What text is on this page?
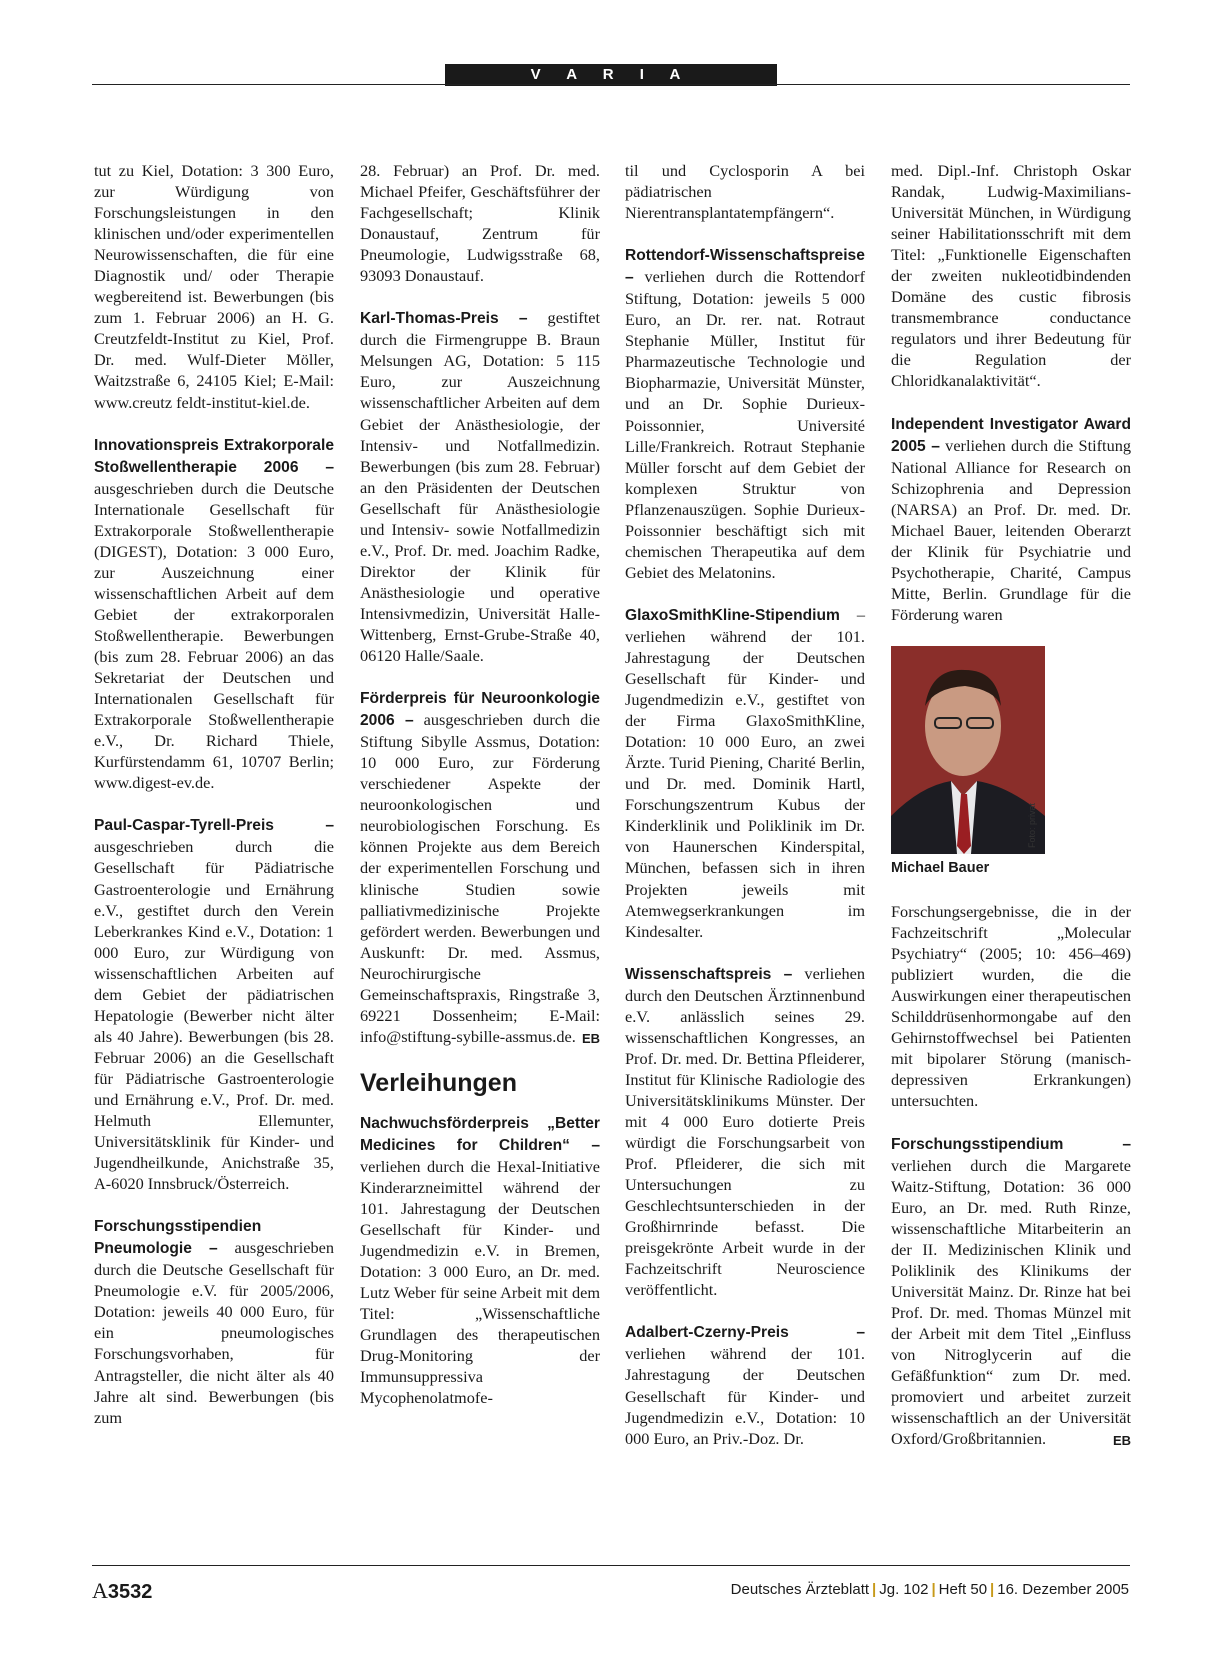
V A R I A

tut zu Kiel, Dotation: 3 300 Euro, zur Würdigung von Forschungsleistungen in den klinischen und/oder experimentellen Neurowissenschaften, die für eine Diagnostik und/ oder Therapie wegbereitend ist. Bewerbungen (bis zum 1. Februar 2006) an H. G. Creutzfeldt-Institut zu Kiel, Prof. Dr. med. Wulf-Dieter Möller, Waitzstraße 6, 24105 Kiel; E-Mail: www.creutz feldt-institut-kiel.de.

Innovationspreis Extrakorporale Stoßwellentherapie 2006 – ausgeschrieben durch die Deutsche Internationale Gesellschaft für Extrakorporale Stoßwellentherapie (DIGEST), Dotation: 3 000 Euro, zur Auszeichnung einer wissenschaftlichen Arbeit auf dem Gebiet der extrakorporalen Stoßwellentherapie. Bewerbungen (bis zum 28. Februar 2006) an das Sekretariat der Deutschen und Internationalen Gesellschaft für Extrakorporale Stoßwellentherapie e.V., Dr. Richard Thiele, Kurfürstendamm 61, 10707 Berlin; www.digest-ev.de.

Paul-Caspar-Tyrell-Preis – ausgeschrieben durch die Gesellschaft für Pädiatrische Gastroenterologie und Ernährung e.V., gestiftet durch den Verein Leberkrankes Kind e.V., Dotation: 1 000 Euro, zur Würdigung von wissenschaftlichen Arbeiten auf dem Gebiet der pädiatrischen Hepatologie (Bewerber nicht älter als 40 Jahre). Bewerbungen (bis 28. Februar 2006) an die Gesellschaft für Pädiatrische Gastroenterologie und Ernährung e.V., Prof. Dr. med. Helmuth Ellemunter, Universitätsklinik für Kinder- und Jugendheilkunde, Anichstraße 35, A-6020 Innsbruck/Österreich.

Forschungsstipendien Pneumologie – ausgeschrieben durch die Deutsche Gesellschaft für Pneumologie e.V. für 2005/2006, Dotation: jeweils 40 000 Euro, für ein pneumologisches Forschungsvorhaben, für Antragsteller, die nicht älter als 40 Jahre alt sind. Bewerbungen (bis zum

28. Februar) an Prof. Dr. med. Michael Pfeifer, Geschäftsführer der Fachgesellschaft; Klinik Donaustauf, Zentrum für Pneumologie, Ludwigsstraße 68, 93093 Donaustauf.

Karl-Thomas-Preis – gestiftet durch die Firmengruppe B. Braun Melsungen AG, Dotation: 5 115 Euro, zur Auszeichnung wissenschaftlicher Arbeiten auf dem Gebiet der Anästhesiologie, der Intensiv- und Notfallmedizin. Bewerbungen (bis zum 28. Februar) an den Präsidenten der Deutschen Gesellschaft für Anästhesiologie und Intensiv- sowie Notfallmedizin e.V., Prof. Dr. med. Joachim Radke, Direktor der Klinik für Anästhesiologie und operative Intensivmedizin, Universität Halle-Wittenberg, Ernst-Grube-Straße 40, 06120 Halle/Saale.

Förderpreis für Neuroonkologie 2006 – ausgeschrieben durch die Stiftung Sibylle Assmus, Dotation: 10 000 Euro, zur Förderung verschiedener Aspekte der neuroonkologischen und neurobiologischen Forschung. Es können Projekte aus dem Bereich der experimentellen Forschung und klinische Studien sowie palliativmedizinische Projekte gefördert werden. Bewerbungen und Auskunft: Dr. med. Assmus, Neurochirurgische Gemeinschaftspraxis, Ringstraße 3, 69221 Dossenheim; E-Mail: info@stiftung-sybille-assmus.de. EB

Verleihungen

Nachwuchsförderpreis „Better Medicines for Children“ – verliehen durch die Hexal-Initiative Kinderarzneimittel während der 101. Jahrestagung der Deutschen Gesellschaft für Kinder- und Jugendmedizin e.V. in Bremen, Dotation: 3 000 Euro, an Dr. med. Lutz Weber für seine Arbeit mit dem Titel: „Wissenschaftliche Grundlagen des therapeutischen Drug-Monitoring der Immunsuppressiva Mycophenolatmofe-

til und Cyclosporin A bei pädiatrischen Nierentransplantatempfängern“.

Rottendorf-Wissenschaftspreise – verliehen durch die Rottendorf Stiftung, Dotation: jeweils 5 000 Euro, an Dr. rer. nat. Rotraut Stephanie Müller, Institut für Pharmazeutische Technologie und Biopharmazie, Universität Münster, und an Dr. Sophie Durieux-Poissonnier, Université Lille/Frankreich. Rotraut Stephanie Müller forscht auf dem Gebiet der komplexen Struktur von Pflanzenauszügen. Sophie Durieux-Poissonnier beschäftigt sich mit chemischen Therapeutika auf dem Gebiet des Melatonins.

GlaxoSmithKline-Stipendium – verliehen während der 101. Jahrestagung der Deutschen Gesellschaft für Kinder- und Jugendmedizin e.V., gestiftet von der Firma GlaxoSmithKline, Dotation: 10 000 Euro, an zwei Ärzte. Turid Piening, Charité Berlin, und Dr. med. Dominik Hartl, Forschungszentrum Kubus der Kinderklinik und Poliklinik im Dr. von Haunerschen Kinderspital, München, befassen sich in ihren Projekten jeweils mit Atemwegserkrankungen im Kindesalter.

Wissenschaftspreis – verliehen durch den Deutschen Ärztinnenbund e.V. anlässlich seines 29. wissenschaftlichen Kongresses, an Prof. Dr. med. Dr. Bettina Pfleiderer, Institut für Klinische Radiologie des Universitätsklinikums Münster. Der mit 4 000 Euro dotierte Preis würdigt die Forschungsarbeit von Prof. Pfleiderer, die sich mit Untersuchungen zu Geschlechtsunterschieden in der Großhirnrinde befasst. Die preisgekrönte Arbeit wurde in der Fachzeitschrift Neuroscience veröffentlicht.

Adalbert-Czerny-Preis – verliehen während der 101. Jahrestagung der Deutschen Gesellschaft für Kinder- und Jugendmedizin e.V., Dotation: 10 000 Euro, an Priv.-Doz. Dr.

med. Dipl.-Inf. Christoph Oskar Randak, Ludwig-Maximilians-Universität München, in Würdigung seiner Habilitationsschrift mit dem Titel: „Funktionelle Eigenschaften der zweiten nukleotidbindenden Domäne des custic fibrosis transmembrance conductance regulators und ihrer Bedeutung für die Regulation der Chloridkanalaktivität“.

Independent Investigator Award 2005 – verliehen durch die Stiftung National Alliance for Research on Schizophrenia and Depression (NARSA) an Prof. Dr. med. Dr. Michael Bauer, leitenden Oberarzt der Klinik für Psychiatrie und Psychotherapie, Charité, Campus Mitte, Berlin. Grundlage für die Förderung waren

Foto: privat
Michael Bauer

Forschungsergebnisse, die in der Fachzeitschrift „Molecular Psychiatry“ (2005; 10: 456–469) publiziert wurden, die die Auswirkungen einer therapeutischen Schilddrüsenhormongabe auf den Gehirnstoffwechsel bei Patienten mit bipolarer Störung (manisch-depressiven Erkrankungen) untersuchten.

Forschungsstipendium – verliehen durch die Margarete Waitz-Stiftung, Dotation: 36 000 Euro, an Dr. med. Ruth Rinze, wissenschaftliche Mitarbeiterin an der II. Medizinischen Klinik und Poliklinik des Klinikums der Universität Mainz. Dr. Rinze hat bei Prof. Dr. med. Thomas Münzel mit der Arbeit mit dem Titel „Einfluss von Nitroglycerin auf die Gefäßfunktion“ zum Dr. med. promoviert und arbeitet zurzeit wissenschaftlich an der Universität Oxford/Großbritannien.	EB

A3532	Deutsches Ärzteblatt | Jg. 102 | Heft 50 | 16. Dezember 2005
